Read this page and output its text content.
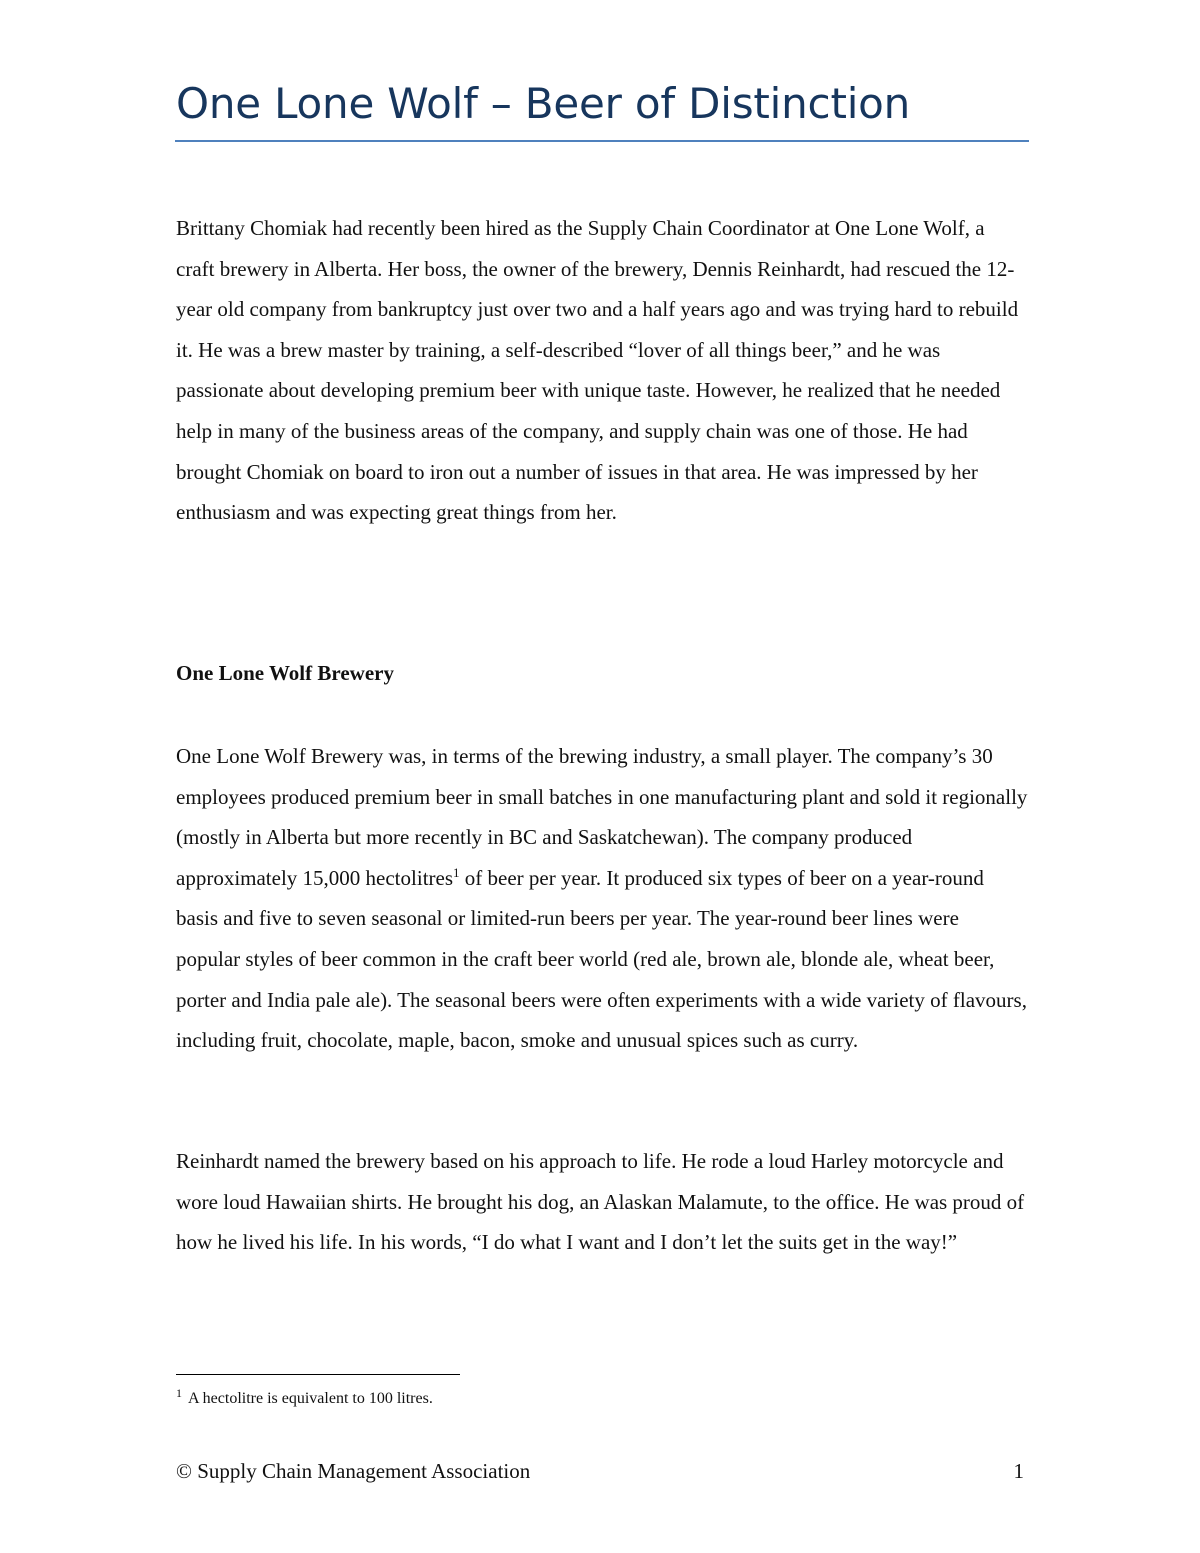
One Lone Wolf – Beer of Distinction

Brittany Chomiak had recently been hired as the Supply Chain Coordinator at One Lone Wolf, a craft brewery in Alberta. Her boss, the owner of the brewery, Dennis Reinhardt, had rescued the 12-year old company from bankruptcy just over two and a half years ago and was trying hard to rebuild it. He was a brew master by training, a self-described “lover of all things beer,” and he was passionate about developing premium beer with unique taste. However, he realized that he needed help in many of the business areas of the company, and supply chain was one of those. He had brought Chomiak on board to iron out a number of issues in that area. He was impressed by her enthusiasm and was expecting great things from her.

One Lone Wolf Brewery

One Lone Wolf Brewery was, in terms of the brewing industry, a small player. The company’s 30 employees produced premium beer in small batches in one manufacturing plant and sold it regionally (mostly in Alberta but more recently in BC and Saskatchewan). The company produced approximately 15,000 hectolitres$^1$ of beer per year. It produced six types of beer on a year-round basis and five to seven seasonal or limited-run beers per year. The year-round beer lines were popular styles of beer common in the craft beer world (red ale, brown ale, blonde ale, wheat beer, porter and India pale ale). The seasonal beers were often experiments with a wide variety of flavours, including fruit, chocolate, maple, bacon, smoke and unusual spices such as curry.

Reinhardt named the brewery based on his approach to life. He rode a loud Harley motorcycle and wore loud Hawaiian shirts. He brought his dog, an Alaskan Malamute, to the office. He was proud of how he lived his life. In his words, “I do what I want and I don’t let the suits get in the way!”

$^1$ A hectolitre is equivalent to 100 litres.

© Supply Chain Management Association	1
